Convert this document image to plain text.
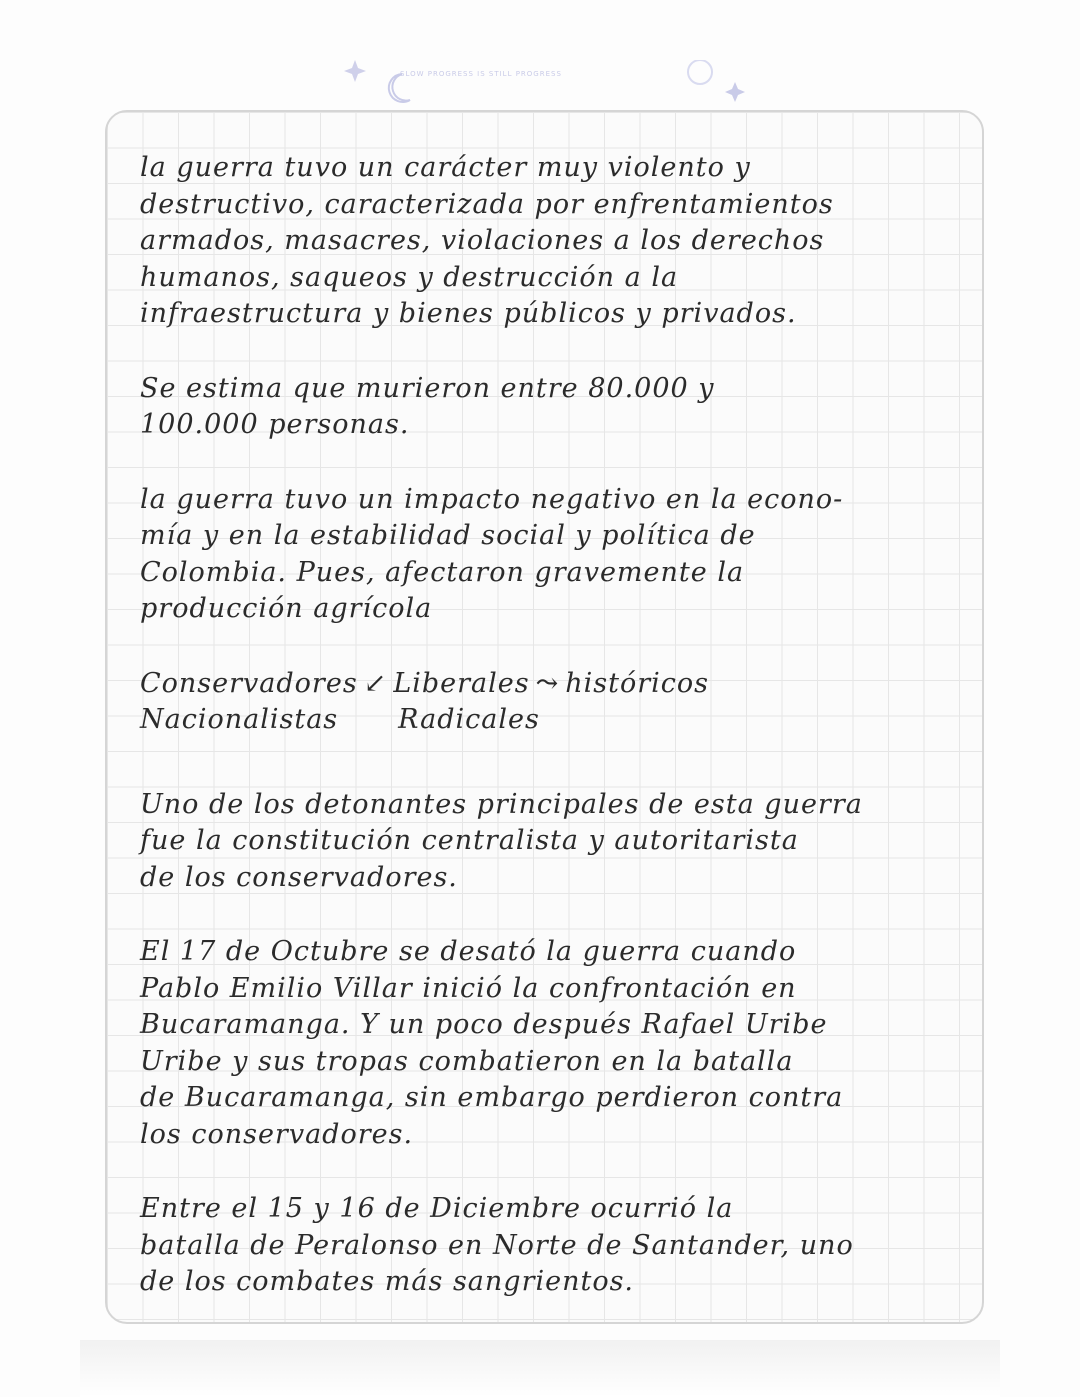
SLOW PROGRESS IS STILL PROGRESS

la guerra tuvo un carácter muy violento y
destructivo, caracterizada por enfrentamientos
armados, masacres, violaciones a los derechos
humanos, saqueos y destrucción a la
infraestructura y bienes públicos y privados.

Se estima que murieron entre 80.000 y
100.000 personas.

la guerra tuvo un impacto negativo en la econo-
mía y en la estabilidad social y política de
Colombia. Pues, afectaron gravemente la
producción agrícola

Conservadores ↙ Liberales ⤳ históricos
Nacionalistas Radicales

Uno de los detonantes principales de esta guerra
fue la constitución centralista y autoritarista
de los conservadores.

El 17 de Octubre se desató la guerra cuando
Pablo Emilio Villar inició la confrontación en
Bucaramanga. Y un poco después Rafael Uribe
Uribe y sus tropas combatieron en la batalla
de Bucaramanga, sin embargo perdieron contra
los conservadores.

Entre el 15 y 16 de Diciembre ocurrió la
batalla de Peralonso en Norte de Santander, uno
de los combates más sangrientos.
